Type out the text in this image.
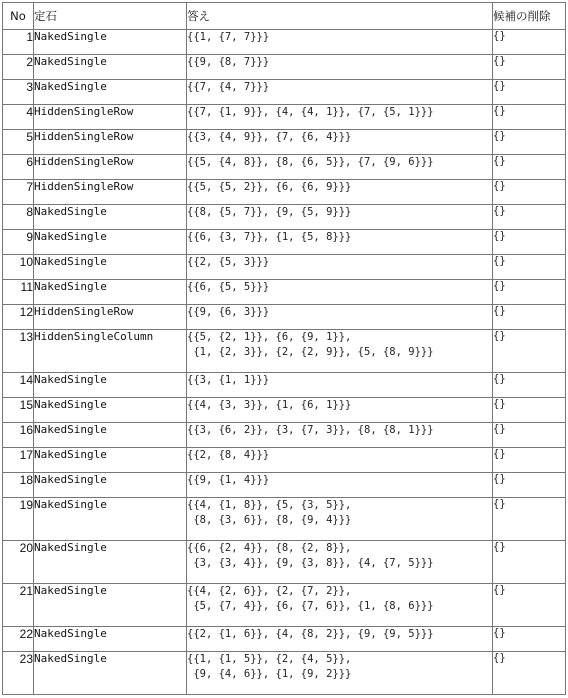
No	定石	答え	候補の削除
1	NakedSingle	{{1, {7, 7}}}	{}
2	NakedSingle	{{9, {8, 7}}}	{}
3	NakedSingle	{{7, {4, 7}}}	{}
4	HiddenSingleRow	{{7, {1, 9}}, {4, {4, 1}}, {7, {5, 1}}}	{}
5	HiddenSingleRow	{{3, {4, 9}}, {7, {6, 4}}}	{}
6	HiddenSingleRow	{{5, {4, 8}}, {8, {6, 5}}, {7, {9, 6}}}	{}
7	HiddenSingleRow	{{5, {5, 2}}, {6, {6, 9}}}	{}
8	NakedSingle	{{8, {5, 7}}, {9, {5, 9}}}	{}
9	NakedSingle	{{6, {3, 7}}, {1, {5, 8}}}	{}
10	NakedSingle	{{2, {5, 3}}}	{}
11	NakedSingle	{{6, {5, 5}}}	{}
12	HiddenSingleRow	{{9, {6, 3}}}	{}
13	HiddenSingleColumn	{{5, {2, 1}}, {6, {9, 1}},
{1, {2, 3}}, {2, {2, 9}}, {5, {8, 9}}}	{}
14	NakedSingle	{{3, {1, 1}}}	{}
15	NakedSingle	{{4, {3, 3}}, {1, {6, 1}}}	{}
16	NakedSingle	{{3, {6, 2}}, {3, {7, 3}}, {8, {8, 1}}}	{}
17	NakedSingle	{{2, {8, 4}}}	{}
18	NakedSingle	{{9, {1, 4}}}	{}
19	NakedSingle	{{4, {1, 8}}, {5, {3, 5}},
{8, {3, 6}}, {8, {9, 4}}}	{}
20	NakedSingle	{{6, {2, 4}}, {8, {2, 8}},
{3, {3, 4}}, {9, {3, 8}}, {4, {7, 5}}}	{}
21	NakedSingle	{{4, {2, 6}}, {2, {7, 2}},
{5, {7, 4}}, {6, {7, 6}}, {1, {8, 6}}}	{}
22	NakedSingle	{{2, {1, 6}}, {4, {8, 2}}, {9, {9, 5}}}	{}
23	NakedSingle	{{1, {1, 5}}, {2, {4, 5}},
{9, {4, 6}}, {1, {9, 2}}}	{}
